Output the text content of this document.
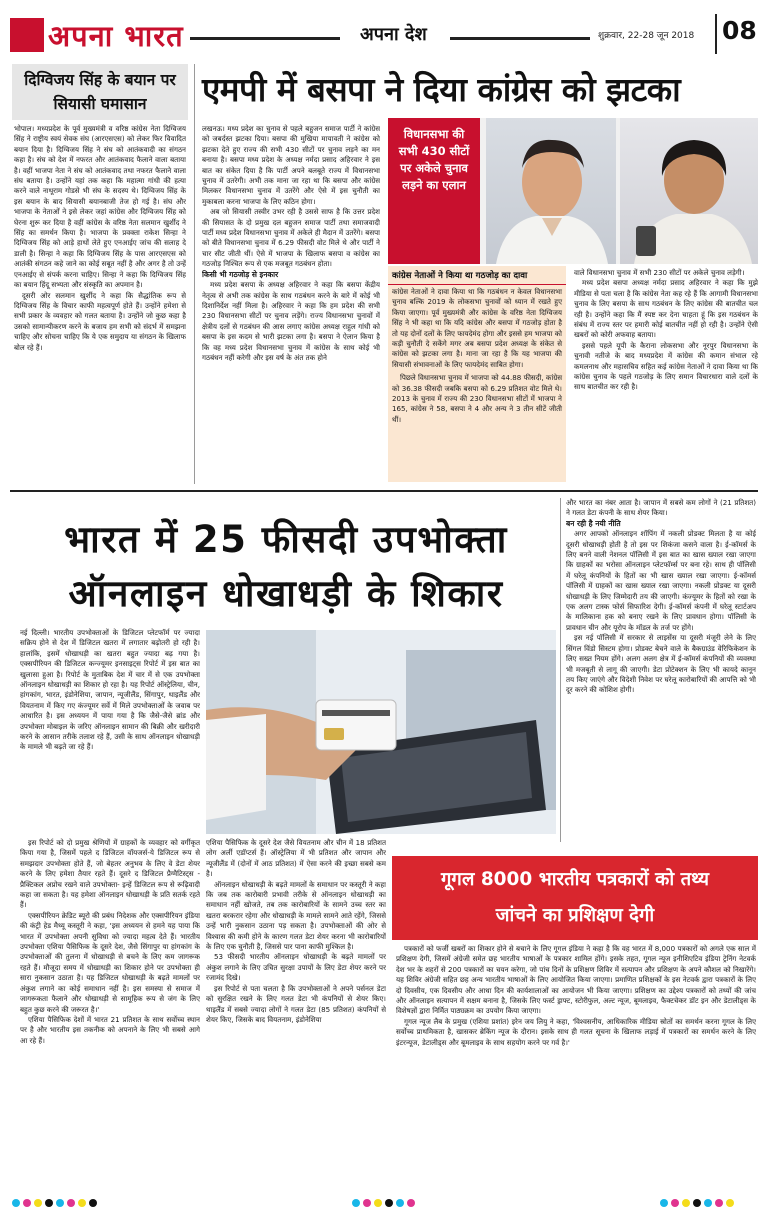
अपना भारत	अपना देश	शुक्रवार, 22-28 जून 2018 08
दिग्विजय सिंह के बयान पर सियासी घमासान

भोपाल। मध्यप्रदेश के पूर्व मुख्यमंत्री व वरिष्ठ कांग्रेस नेता दिग्विजय सिंह ने राष्ट्रीय स्वयं सेवक संघ (आरएसएस) को लेकर फिर विवादित बयान दिया है। दिग्विजय सिंह ने संघ को आतंकवादी का संगठन कहा है। संघ को देश में नफरत और आतंकवाद फैलाने वाला बताया है। वहीं भाजपा नेता ने संघ को आतंकवाद तथा नफरत फैलाने वाला संघ बताया है। उन्होंने यहां तक कहा कि महात्मा गांधी की हत्या करने वाले नाथूराम गोडसे भी संघ के सदस्य थे। दिग्विजय सिंह के इस बयान के बाद सियासी बयानबाजी तेज हो गई है। संघ और भाजपा के नेताओं ने इसे लेकर जहां कांग्रेस और दिग्विजय सिंह को घेरना शुरू कर दिया है वहीं कांग्रेस के वरिष्ठ नेता सलमान खुर्शीद ने सिंह का समर्थन किया है। भाजपा के प्रवक्ता राकेश सिन्हा ने दिग्विजय सिंह को आड़े हाथों लेते हुए एनआईए जांच की सलाह दे डाली है। सिन्हा ने कहा कि दिग्विजय सिंह के पास आरएसएस को आतंकी संगठन कहे जाने का कोई सबूत नहीं है और अगर है तो उन्हें एनआईए से संपर्क करना चाहिए। सिन्हा ने कहा कि दिग्विजय सिंह का बयान हिंदू सभ्यता और संस्कृति का अपमान है।

दूसरी ओर सलमान खुर्शीद ने कहा कि सैद्धांतिक रूप से दिग्विजय सिंह के विचार काफी महत्वपूर्ण होते हैं। उन्होंने हमेशा से सभी प्रकार के व्यवहार को गलत बताया है। उन्होंने जो कुछ कहा है उसको सामान्यीकरण करने के बजाय हम सभी को संदर्भ में समझना चाहिए और सोचना चाहिए कि ये एक समुदाय या संगठन के खिलाफ बोल रहे हैं।

एमपी में बसपा ने दिया कांग्रेस को झटका

लखनऊ। मध्य प्रदेश का चुनाव से पहले बहुजन समाज पार्टी ने कांग्रेस को जबर्दस्त झटका दिया। बसपा की मुखिया मायावती ने कांग्रेस को झटका देते हुए राज्य की सभी 430 सीटों पर चुनाव लड़ने का मन बनाया है। बसपा मध्य प्रदेश के अध्यक्ष नर्मदा प्रसाद अहिरवार ने इस बात का संकेत दिया है कि पार्टी अपने बलबूते राज्य में विधानसभा चुनाव में उतरेगी। अभी तक माना जा रहा था कि बसपा और कांग्रेस मिलकर विधानसभा चुनाव में उतरेंगे और ऐसे में इस चुनौती का मुकाबला करना भाजपा के लिए कठिन होगा।

अब जो सियासी तस्वीर उभर रही है उससे साफ है कि उत्तर प्रदेश की सियासत के दो प्रमुख दल बहुजन समाज पार्टी तथा समाजवादी पार्टी मध्य प्रदेश विधानसभा चुनाव में अकेले ही मैदान में उतरेंगे। बसपा को बीते विधानसभा चुनाव में 6.29 फीसदी वोट मिले थे और पार्टी ने चार सीट जीती थीं। ऐसे में भाजपा के खिलाफ बसपा व कांग्रेस का गठजोड़ निश्चित रूप से एक मजबूत गठबंधन होता।

किसी भी गठजोड़ से इनकार

मध्य प्रदेश बसपा के अध्यक्ष अहिरवार ने कहा कि बसपा केंद्रीय नेतृत्व से अभी तक कांग्रेस के साथ गठबंधन करने के बारे में कोई भी दिशानिर्देश नहीं मिला है। अहिरवार ने कहा कि हम प्रदेश की सभी 230 विधानसभा सीटों पर चुनाव लड़ेंगे। राज्य विधानसभा चुनावों में क्षेत्रीय दलों से गठबंधन की आस लगाए कांग्रेस अध्यक्ष राहुल गांधी को बसपा के इस कदम से भारी झटका लगा है। बसपा ने ऐलान किया है कि वह मध्य प्रदेश विधानसभा चुनाव में कांग्रेस के साथ कोई भी गठबंधन नहीं करेगी और इस वर्ष के अंत तक होने

विधानसभा की सभी 430 सीटों पर अकेले चुनाव लड़ने का एलान
कांग्रेस नेताओं ने किया था गठजोड़ का दावा

कांग्रेस नेताओं ने दावा किया था कि गठबंधन न केवल विधानसभा चुनाव बल्कि 2019 के लोकसभा चुनावों को ध्यान में रखते हुए किया जाएगा। पूर्व मुख्यमंत्री और कांग्रेस के वरिष्ठ नेता दिग्विजय सिंह ने भी कहा था कि यदि कांग्रेस और बसपा में गठजोड़ होता है तो यह दोनों दलों के लिए फायदेमंद होगा और इससे हम भाजपा को कड़ी चुनौती दे सकेंगे मगर अब बसपा प्रदेश अध्यक्ष के संकेत से कांग्रेस को झटका लगा है। माना जा रहा है कि यह भाजपा की सियासी संभावनाओं के लिए फायदेमंद साबित होगा।

पिछले विधानसभा चुनाव में भाजपा को 44.88 फीसदी, कांग्रेस को 36.38 फीसदी जबकि बसपा को 6.29 प्रतिशत वोट मिले थे। 2013 के चुनाव में राज्य की 230 विधानसभा सीटों में भाजपा ने 165, कांग्रेस ने 58, बसपा ने 4 और अन्य ने 3 तीन सीटें जीती थीं।

वाले विधानसभा चुनाव में सभी 230 सीटों पर अकेले चुनाव लड़ेगी।

मध्य प्रदेश बसपा अध्यक्ष नर्मदा प्रसाद अहिरवार ने कहा कि मुझे मीडिया से पता चला है कि कांग्रेस नेता कह रहे हैं कि आगामी विधानसभा चुनाव के लिए बसपा के साथ गठबंधन के लिए कांग्रेस की बातचीत चल रही है। उन्होंने कहा कि मैं स्पष्ट कर देना चाहता हूं कि इस गठबंधन के संबंध में राज्य स्तर पर हमारी कोई बातचीत नहीं हो रही है। उन्होंने ऐसी खबरों को कोरी अफवाह बताया।

इससे पहले यूपी के कैराना लोकसभा और नूरपुर विधानसभा के चुनावी नतीजे के बाद मध्यप्रदेश में कांग्रेस की कमान संभाल रहे कमलनाथ और महासचिव सहित कई कांग्रेस नेताओं ने दावा किया था कि कांग्रेस चुनाव के पहले गठजोड़ के लिए समान विचारधारा वाले दलों के साथ बातचीत कर रही है।

भारत में 25 फीसदी उपभोक्ता
ऑनलाइन धोखाधड़ी के शिकार

नई दिल्ली। भारतीय उपभोक्ताओं के डिजिटल प्लेटफॉर्म पर ज्यादा सक्रिय होने से देश में डिजिटल खतरा में लगातार बढ़ोतरी हो रही है। हालांकि, इसमें धोखाधड़ी का खतरा बहुत ज्यादा बढ़ गया है। एक्सपीरियन की डिजिटल कन्ज्यूमर इनसाइट्स रिपोर्ट में इस बात का खुलासा हुआ है। रिपोर्ट के मुताबिक देश में चार में से एक उपभोक्ता ऑनलाइन धोखाधड़ी का शिकार हो रहा है। यह रिपोर्ट ऑस्ट्रेलिया, चीन, हांगकांग, भारत, इंडोनेशिया, जापान, न्यूजीलैंड, सिंगापुर, थाइलैंड और वियतनाम में किए गए कंज्यूमर सर्वे में मिले उपभोक्ताओं के जवाब पर आधारित है। इस अध्ययन में पाया गया है कि जैसे-जैसे ब्रांड और उपभोक्ता मोबाइल के जरिए ऑनलाइन सामान की बिक्री और खरीदारी करने के आसान तरीके तलाश रहे हैं, उसी के साथ ऑनलाइन धोखाधड़ी के मामले भी बढ़ते जा रहे हैं।

इस रिपोर्ट को दो प्रमुख श्रेणियों में ग्राहकों के व्यवहार को वर्गीकृत किया गया है, जिसमें पहले द डिजिटल वॉयजर्स-ये डिजिटल रूप से समझदार उपभोक्ता होते हैं, जो बेहतर अनुभव के लिए वे डेटा शेयर करने के लिए हमेशा तैयार रहते हैं। दूसरे द डिजिटल प्रैग्मैटिस्ट्स - प्रैक्टिकल अप्रोच रखने वाले उपभोक्ता- इन्हें डिजिटल रूप से रूढ़िवादी कहा जा सकता है। यह हमेशा ऑनलाइन धोखाधड़ी के प्रति सतर्क रहते हैं।

एक्सपीरियन क्रेडिट ब्यूरो की प्रबंध निदेशक और एक्सपीरियन इंडिया की कंट्री हेड मैथ्यू कस्तूरी ने कहा, 'इस अध्ययन से हमने यह पाया कि भारत में उपभोक्ता अपनी सुविधा को ज्यादा महत्व देते हैं। भारतीय उपभोक्ता एशिया पैसिफिक के दूसरे देश, जैसे सिंगापुर या हांगकांग के उपभोक्ताओं की तुलना में धोखाधड़ी से बचने के लिए कम जागरूक रहते हैं। मौजूदा समय में धोखाधड़ी का शिकार होने पर उपभोक्ता ही सारा नुकसान उठाता है। यह डिजिटल धोखाधड़ी के बढ़ते मामलों पर अंकुश लगाने का कोई समाधान नहीं है। इस समस्या से समाज में जागरूकता फैलाने और धोखाधड़ी से सामूहिक रूप से जंग के लिए बहुत कुछ करने की जरूरत है।'

एशिया पैसिफिक देशों में भारत 21 प्रतिशत के साथ सर्वोच्च स्थान पर है और भारतीय इस तकनीक को अपनाने के लिए भी सबसे आगे आ रहे हैं।

एशिया पैसिफिक के दूसरे देश जैसे वियतनाम और चीन में 18 प्रतिशत लोग अर्ली एडॉप्टर्स हैं। ऑस्ट्रेलिया में भी प्रतिशत और जापान और न्यूजीलैंड में (दोनों में आठ प्रतिशत) में ऐसा करने की इच्छा सबसे कम है।

ऑनलाइन धोखाधड़ी के बढ़ते मामलों के समाधान पर कस्तूरी ने कहा कि जब तक कारोबारी प्रभावी तरीके से ऑनलाइन धोखाधड़ी का समाधान नहीं खोजते, तब तक कारोबारियों के सामने उच्च स्तर का खतरा बरकरार रहेगा और धोखाधड़ी के मामले सामने आते रहेंगे, जिससे उन्हें भारी नुकसान उठाना पड़ सकता है। उपभोक्ताओं की ओर से विश्वास की कमी होने के कारण गलत डेटा शेयर करना भी कारोबारियों के लिए एक चुनौती है, जिससे पार पाना काफी मुश्किल है।

53 फीसदी भारतीय ऑनलाइन धोखाधड़ी के बढ़ते मामलों पर अंकुश लगाने के लिए उचित सुरक्षा उपायों के लिए डेटा शेयर करने पर रजामंद दिखे।

इस रिपोर्ट से पता चलता है कि उपभोक्ताओं ने अपने पर्सनल डेटा को सुरक्षित रखने के लिए गलत डेटा भी कंपनियों से शेयर किए। थाइलैंड में सबसे ज्यादा लोगों ने गलत डेटा (85 प्रतिशत) कंपनियों से शेयर किए, जिसके बाद वियतनाम, इंडोनेशिया

और भारत का नंबर आता है। जापान में सबसे कम लोगों ने (21 प्रतिशत) ने गलत डेटा कंपनी के साथ शेयर किया।

बन रही है नयी नीति

अगर आपको ऑनलाइन शॉपिंग में नकली प्रोडक्ट मिलता है या कोई दूसरी धोखाधड़ी होती है तो इस पर शिकंजा कसने वाला है। ई-कॉमर्स के लिए बनने वाली नेशनल पॉलिसी में इस बात का खास ख्याल रखा जाएगा कि ग्राहकों का भरोसा ऑनलाइन प्लेटफॉर्म्स पर बना रहे। साथ ही पॉलिसी में घरेलू कंपनियों के हितों का भी खास ख्याल रखा जाएगा। ई-कॉमर्स पॉलिसी में ग्राहकों का खास ख्याल रखा जाएगा। नकली प्रोडक्ट या दूसरी धोखाधड़ी के लिए जिम्मेदारी तय की जाएगी। कंज्यूमर के हितों को रखा के एक अलग टास्क फोर्स सिफारिश देगी। ई-कॉमर्स कंपनी में घरेलू स्टार्टअप के मालिकाना हक को बनाए रखने के लिए प्रावधान होगा। पॉलिसी के प्रावधान चीन और यूरोप के मॉडल के तर्ज पर होंगे।

इस नई पॉलिसी में सरकार से लाइसेंस या दूसरी मंजूरी लेने के लिए सिंगल विंडो सिस्टम होगा। प्रोडक्ट बेचने वाले के बैकग्राउंड वेरिफिकेशन के लिए सख्त नियम होंगे। अलग अलग क्षेत्र में ई-कॉमर्स कंपनियों की व्यवस्था भी मजबूती से लागू की जाएगी। डेटा प्रोटेक्शन के लिए भी कायदे कानून तय किए जाएंगे और विदेशी निवेश पर घरेलू कारोबारियों की आपत्ति को भी दूर करने की कोशिश होगी।

गूगल 8000 भारतीय पत्रकारों को तथ्य
जांचने का प्रशिक्षण देगी

पत्रकारों को फर्जी खबरों का शिकार होने से बचाने के लिए गूगल इंडिया ने कहा है कि वह भारत में 8,000 पत्रकारों को अगले एक साल में प्रशिक्षण देगी, जिसमें अंग्रेजी समेत छह भारतीय भाषाओं के पत्रकार शामिल होंगे। इसके तहत, गूगल न्यूज इनीशिएटिव इंडिया ट्रेनिंग नेटवर्क देश भर के शहरों से 200 पत्रकारों का चयन करेगा, जो पांच दिनों के प्रशिक्षण शिविर में सत्यापन और प्रशिक्षण के अपने कौशल को निखारेंगे। यह शिविर अंग्रेजी सहित छह अन्य भारतीय भाषाओं के लिए आयोजित किया जाएगा। प्रमाणित प्रशिक्षकों के इस नेटवर्क द्वारा पत्रकारों के लिए दो दिवसीय, एक दिवसीय और आधा दिन की कार्यशालाओं का आयोजन भी किया जाएगा। प्रशिक्षण का उद्देश्य पत्रकारों को तथ्यों की जांच और ऑनलाइन सत्यापन में सक्षम बनाना है, जिसके लिए फर्स्ट ड्राफ्ट, स्टोरीफुल, अल्ट न्यूज, बूमलाइव, फैक्टचेकर डॉट इन और डेटालीड्स के विशेषज्ञों द्वारा निर्मित पाठ्यक्रम का उपयोग किया जाएगा।

गूगल न्यूज लैब के प्रमुख (एशिया प्रशांत) इरेन जय लियु ने कहा, 'विश्वसनीय, आधिकारिक मीडिया स्रोतों का समर्थन करना गूगल के लिए सर्वोच्च प्राथमिकता है, खासकर ब्रेकिंग न्यूज के दौरान। इसके साथ ही गलत सूचना के खिलाफ लड़ाई में पत्रकारों का समर्थन करने के लिए इंटरन्यूज, डेटालीड्स और बूमलाइव के साथ सहयोग करने पर गर्व है।'
